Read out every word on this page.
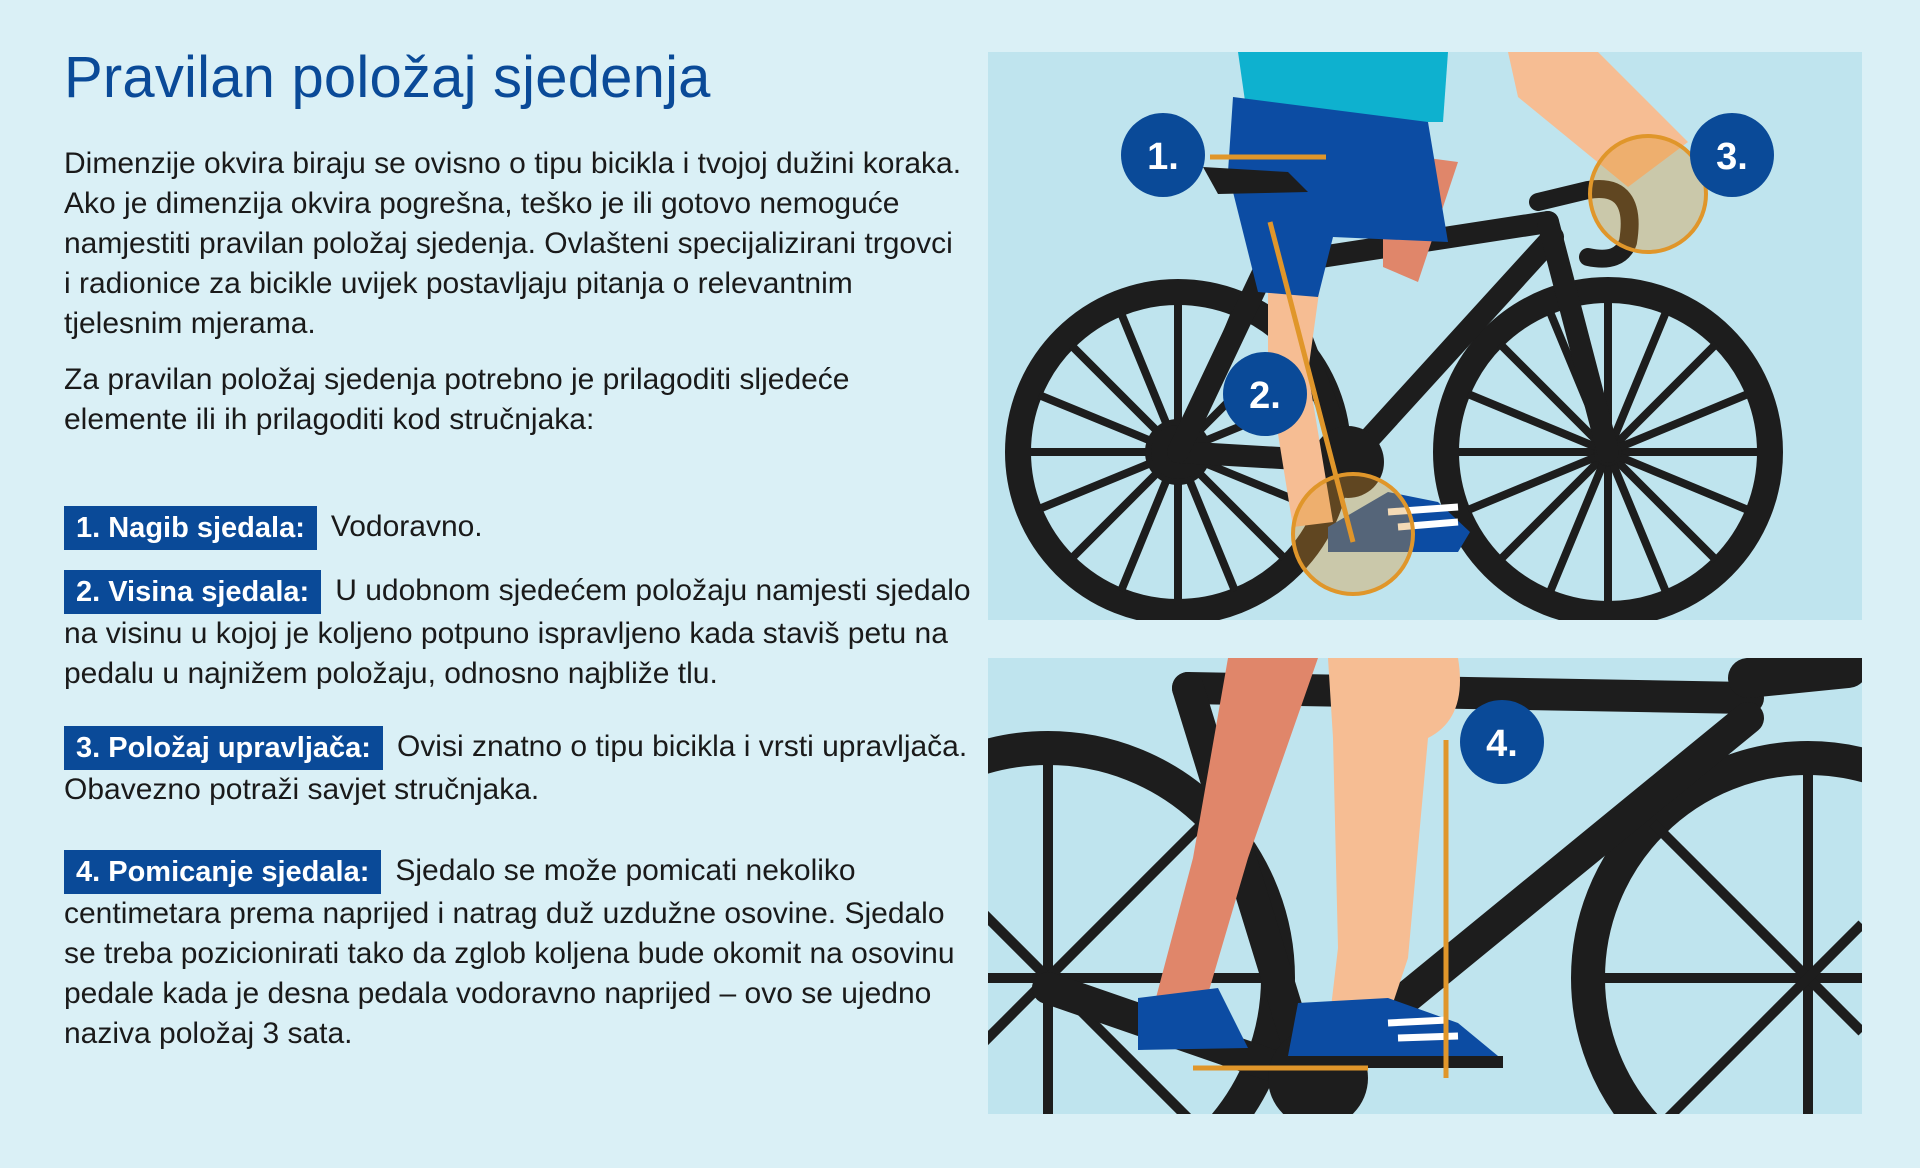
Pravilan položaj sjedenja

Dimenzije okvira biraju se ovisno o tipu bicikla i tvojoj dužini koraka. Ako je dimenzija okvira pogrešna, teško je ili gotovo nemoguće namjestiti pravilan položaj sjedenja. Ovlašteni specijalizirani trgovci i radionice za bicikle uvijek postavljaju pitanja o relevantnim tjelesnim mjerama.

Za pravilan položaj sjedenja potrebno je prilagoditi sljedeće elemente ili ih prilagoditi kod stručnjaka:

1. Nagib sjedala: Vodoravno.

2. Visina sjedala: U udobnom sjedećem položaju namjesti sjedalo na visinu u kojoj je koljeno potpuno ispravljeno kada staviš petu na pedalu u najnižem položaju, odnosno najbliže tlu.

3. Položaj upravljača: Ovisi znatno o tipu bicikla i vrsti upravljača. Obavezno potraži savjet stručnjaka.

4. Pomicanje sjedala: Sjedalo se može pomicati nekoliko centimetara prema naprijed i natrag duž uzdužne osovine. Sjedalo se treba pozicionirati tako da zglob koljena bude okomit na osovinu pedale kada je desna pedala vodoravno naprijed – ovo se ujedno naziva položaj 3 sata.

1.
2.
3.
4.
